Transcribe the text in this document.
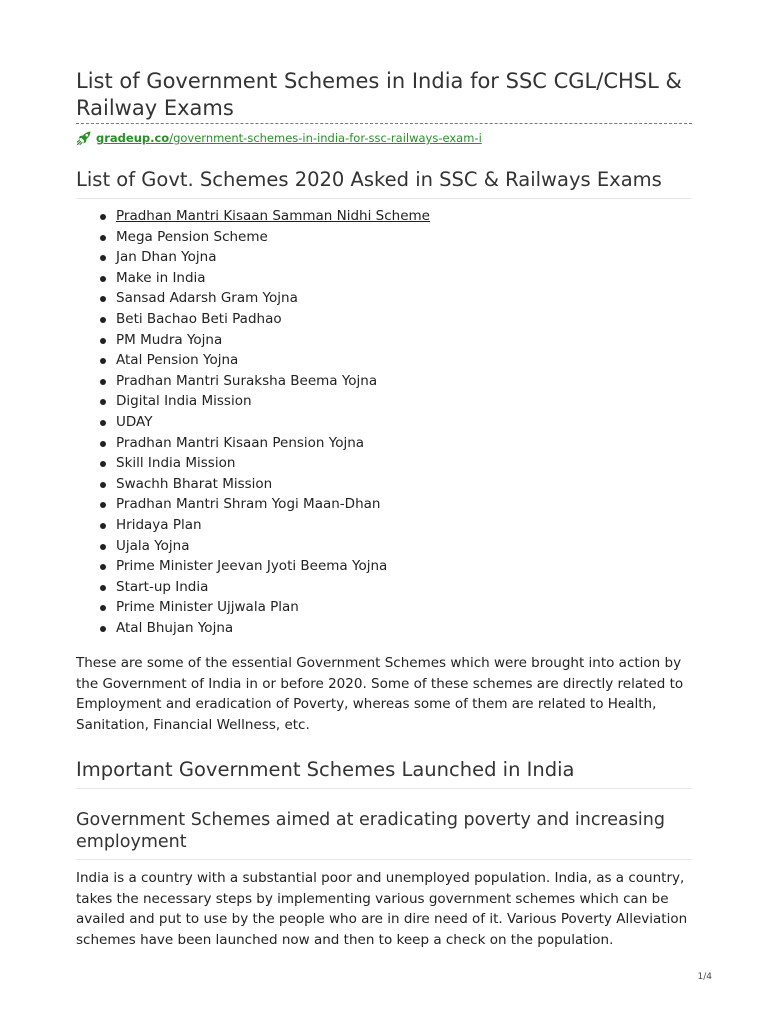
List of Government Schemes in India for SSC CGL/CHSL & Railway Exams
gradeup.co /government-schemes-in-india-for-ssc-railways-exam-i
List of Govt. Schemes 2020 Asked in SSC & Railways Exams
Pradhan Mantri Kisaan Samman Nidhi Scheme
Mega Pension Scheme
Jan Dhan Yojna
Make in India
Sansad Adarsh Gram Yojna
Beti Bachao Beti Padhao
PM Mudra Yojna
Atal Pension Yojna
Pradhan Mantri Suraksha Beema Yojna
Digital India Mission
UDAY
Pradhan Mantri Kisaan Pension Yojna
Skill India Mission
Swachh Bharat Mission
Pradhan Mantri Shram Yogi Maan-Dhan
Hridaya Plan
Ujala Yojna
Prime Minister Jeevan Jyoti Beema Yojna
Start-up India
Prime Minister Ujjwala Plan
Atal Bhujan Yojna

These are some of the essential Government Schemes which were brought into action by the Government of India in or before 2020. Some of these schemes are directly related to Employment and eradication of Poverty, whereas some of them are related to Health, Sanitation, Financial Wellness, etc.

Important Government Schemes Launched in India
Government Schemes aimed at eradicating poverty and increasing employment

India is a country with a substantial poor and unemployed population. India, as a country, takes the necessary steps by implementing various government schemes which can be availed and put to use by the people who are in dire need of it. Various Poverty Alleviation schemes have been launched now and then to keep a check on the population.

1/4
